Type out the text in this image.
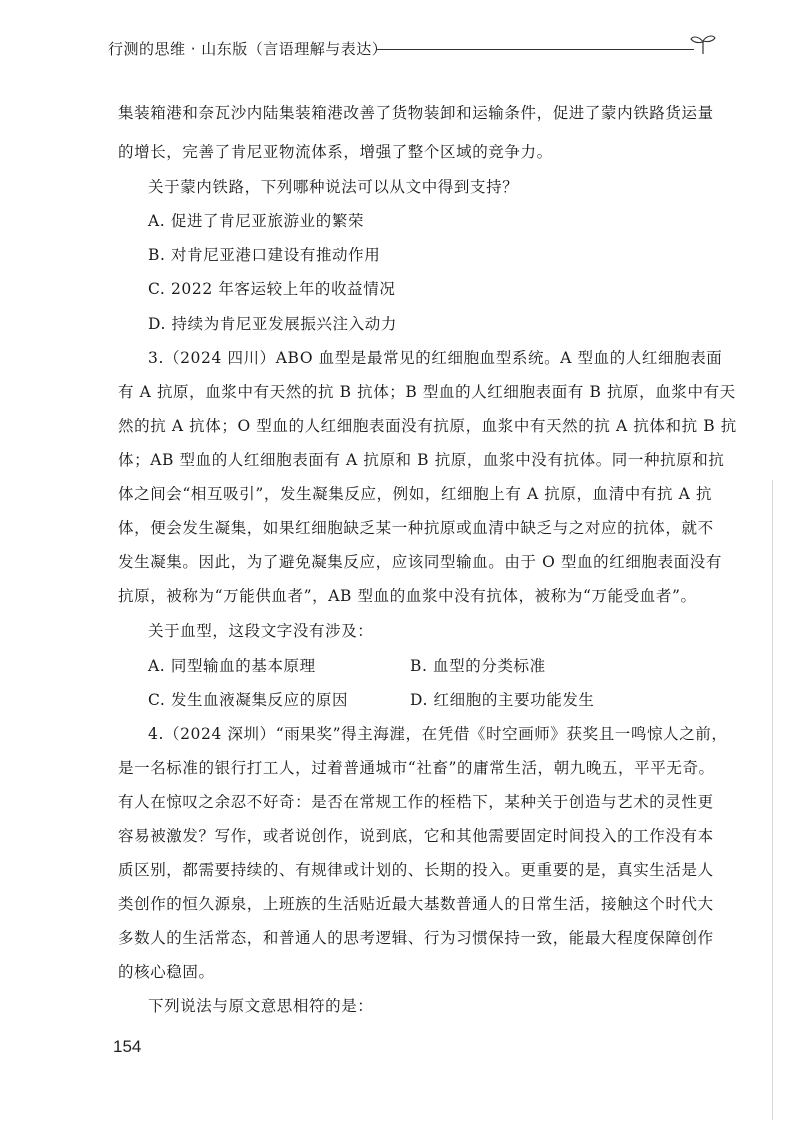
行测的思维 · 山东版（言语理解与表达）
集装箱港和奈瓦沙内陆集装箱港改善了货物装卸和运输条件，促进了蒙内铁路货运量
的增长，完善了肯尼亚物流体系，增强了整个区域的竞争力。
关于蒙内铁路，下列哪种说法可以从文中得到支持？
A. 促进了肯尼亚旅游业的繁荣
B. 对肯尼亚港口建设有推动作用
C. 2022 年客运较上年的收益情况
D. 持续为肯尼亚发展振兴注入动力
3.（2024 四川）ABO 血型是最常见的红细胞血型系统。A 型血的人红细胞表面
有 A 抗原，血浆中有天然的抗 B 抗体；B 型血的人红细胞表面有 B 抗原，血浆中有天
然的抗 A 抗体；O 型血的人红细胞表面没有抗原，血浆中有天然的抗 A 抗体和抗 B 抗
体；AB 型血的人红细胞表面有 A 抗原和 B 抗原，血浆中没有抗体。同一种抗原和抗
体之间会“相互吸引”，发生凝集反应，例如，红细胞上有 A 抗原，血清中有抗 A 抗
体，便会发生凝集，如果红细胞缺乏某一种抗原或血清中缺乏与之对应的抗体，就不
发生凝集。因此，为了避免凝集反应，应该同型输血。由于 O 型血的红细胞表面没有
抗原，被称为“万能供血者”，AB 型血的血浆中没有抗体，被称为“万能受血者”。
关于血型，这段文字没有涉及：
A. 同型输血的基本原理	B. 血型的分类标准
C. 发生血液凝集反应的原因	D. 红细胞的主要功能发生
4.（2024 深圳）“雨果奖”得主海漄，在凭借《时空画师》获奖且一鸣惊人之前，
是一名标准的银行打工人，过着普通城市“社畜”的庸常生活，朝九晚五，平平无奇。
有人在惊叹之余忍不好奇：是否在常规工作的桎梏下，某种关于创造与艺术的灵性更
容易被激发？写作，或者说创作，说到底，它和其他需要固定时间投入的工作没有本
质区别，都需要持续的、有规律或计划的、长期的投入。更重要的是，真实生活是人
类创作的恒久源泉，上班族的生活贴近最大基数普通人的日常生活，接触这个时代大
多数人的生活常态，和普通人的思考逻辑、行为习惯保持一致，能最大程度保障创作
的核心稳固。
下列说法与原文意思相符的是：
154
